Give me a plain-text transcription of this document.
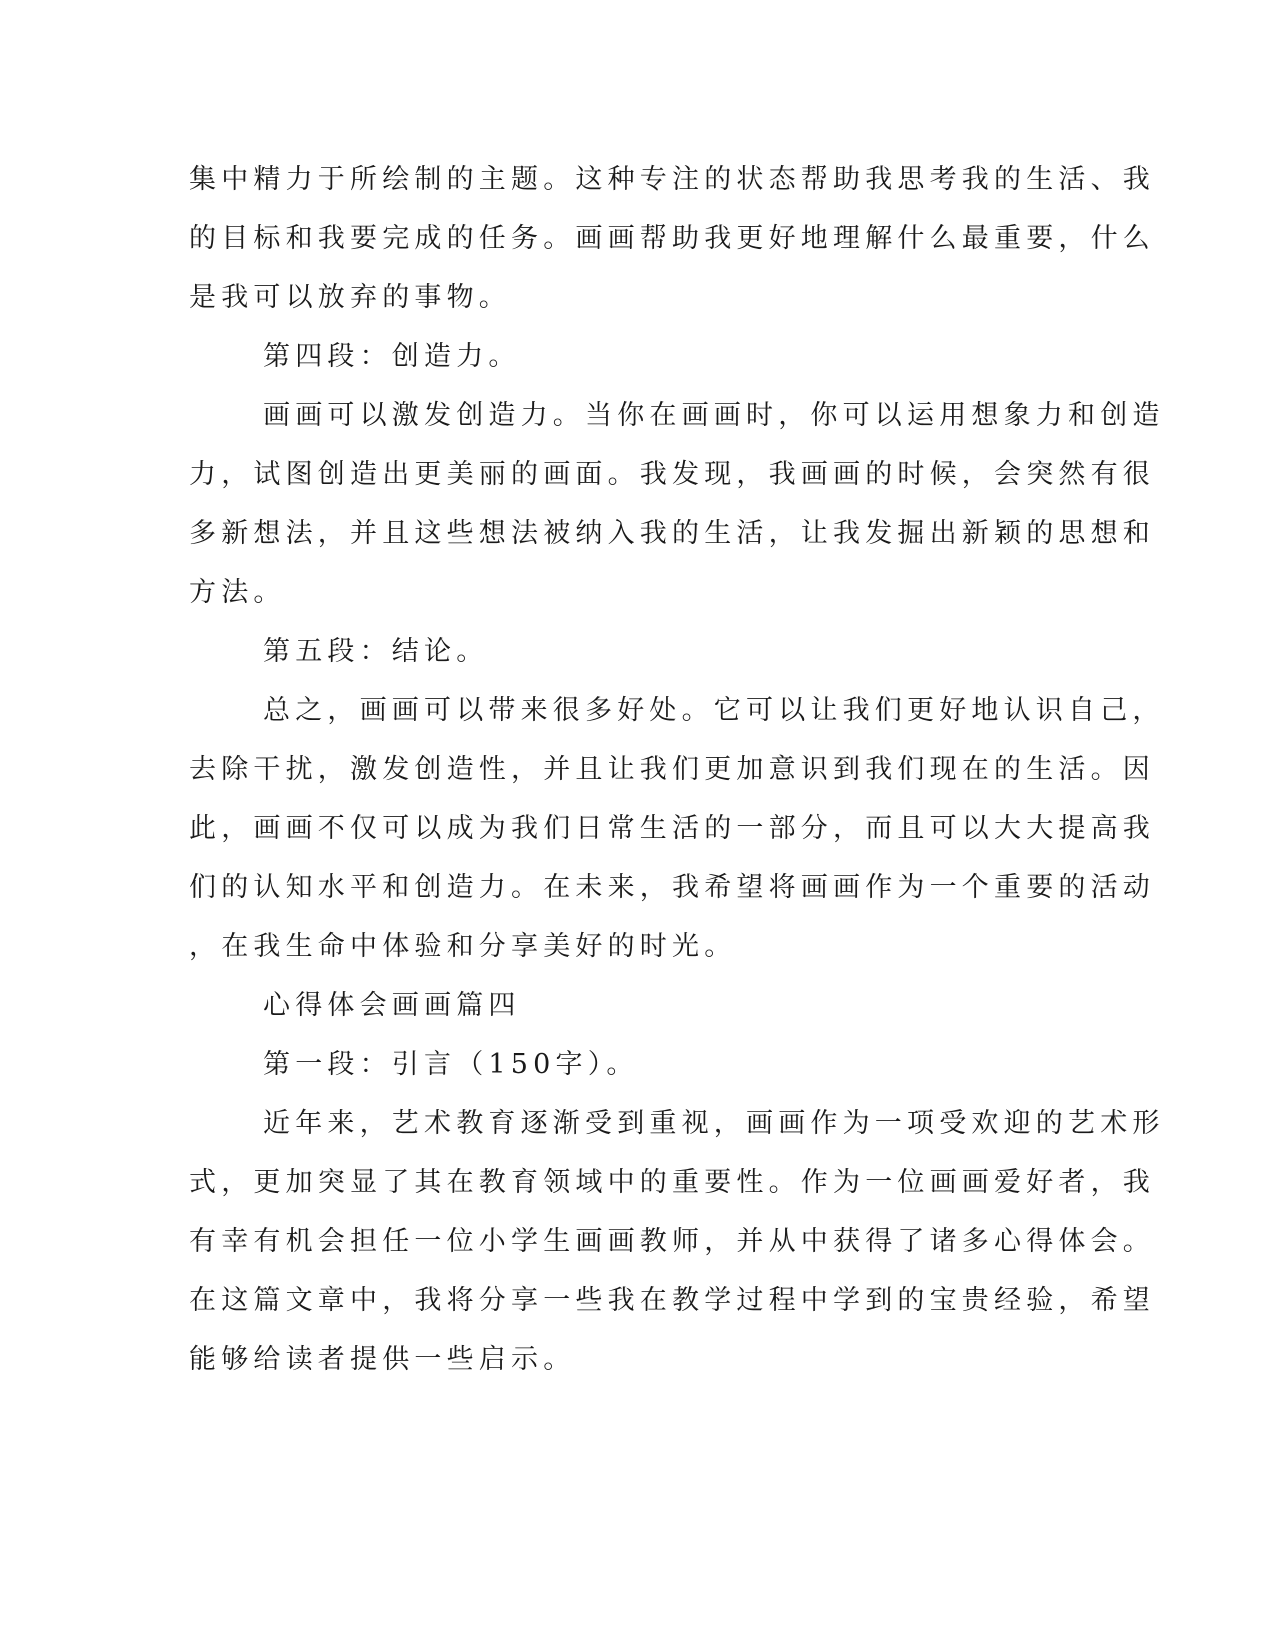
集中精力于所绘制的主题。这种专注的状态帮助我思考我的生活、我
的目标和我要完成的任务。画画帮助我更好地理解什么最重要，什么
是我可以放弃的事物。
第四段：创造力。
画画可以激发创造力。当你在画画时，你可以运用想象力和创造
力，试图创造出更美丽的画面。我发现，我画画的时候，会突然有很
多新想法，并且这些想法被纳入我的生活，让我发掘出新颖的思想和
方法。
第五段：结论。
总之，画画可以带来很多好处。它可以让我们更好地认识自己，
去除干扰，激发创造性，并且让我们更加意识到我们现在的生活。因
此，画画不仅可以成为我们日常生活的一部分，而且可以大大提高我
们的认知水平和创造力。在未来，我希望将画画作为一个重要的活动
，在我生命中体验和分享美好的时光。
心得体会画画篇四
第一段：引言（150字）。
近年来，艺术教育逐渐受到重视，画画作为一项受欢迎的艺术形
式，更加突显了其在教育领域中的重要性。作为一位画画爱好者，我
有幸有机会担任一位小学生画画教师，并从中获得了诸多心得体会。
在这篇文章中，我将分享一些我在教学过程中学到的宝贵经验，希望
能够给读者提供一些启示。
